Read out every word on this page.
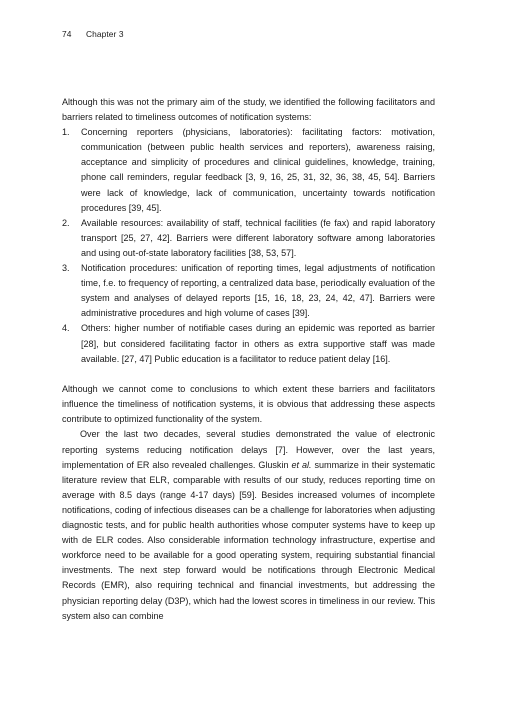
74 Chapter 3

Although this was not the primary aim of the study, we identified the following facilitators and barriers related to timeliness outcomes of notification systems:

1. Concerning reporters (physicians, laboratories): facilitating factors: motivation, communication (between public health services and reporters), awareness raising, acceptance and simplicity of procedures and clinical guidelines, knowledge, training, phone call reminders, regular feedback [3, 9, 16, 25, 31, 32, 36, 38, 45, 54]. Barriers were lack of knowledge, lack of communication, uncertainty towards notification procedures [39, 45].
2. Available resources: availability of staff, technical facilities (fe fax) and rapid laboratory transport [25, 27, 42]. Barriers were different laboratory software among laboratories and using out-of-state laboratory facilities [38, 53, 57].
3. Notification procedures: unification of reporting times, legal adjustments of notification time, f.e. to frequency of reporting, a centralized data base, periodically evaluation of the system and analyses of delayed reports [15, 16, 18, 23, 24, 42, 47]. Barriers were administrative procedures and high volume of cases [39].
4. Others: higher number of notifiable cases during an epidemic was reported as barrier [28], but considered facilitating factor in others as extra supportive staff was made available. [27, 47] Public education is a facilitator to reduce patient delay [16].

Although we cannot come to conclusions to which extent these barriers and facilitators influence the timeliness of notification systems, it is obvious that addressing these aspects contribute to optimized functionality of the system.

Over the last two decades, several studies demonstrated the value of electronic reporting systems reducing notification delays [7]. However, over the last years, implementation of ER also revealed challenges. Gluskin et al. summarize in their systematic literature review that ELR, comparable with results of our study, reduces reporting time on average with 8.5 days (range 4-17 days) [59]. Besides increased volumes of incomplete notifications, coding of infectious diseases can be a challenge for laboratories when adjusting diagnostic tests, and for public health authorities whose computer systems have to keep up with de ELR codes. Also considerable information technology infrastructure, expertise and workforce need to be available for a good operating system, requiring substantial financial investments. The next step forward would be notifications through Electronic Medical Records (EMR), also requiring technical and financial investments, but addressing the physician reporting delay (D3P), which had the lowest scores in timeliness in our review. This system also can combine
